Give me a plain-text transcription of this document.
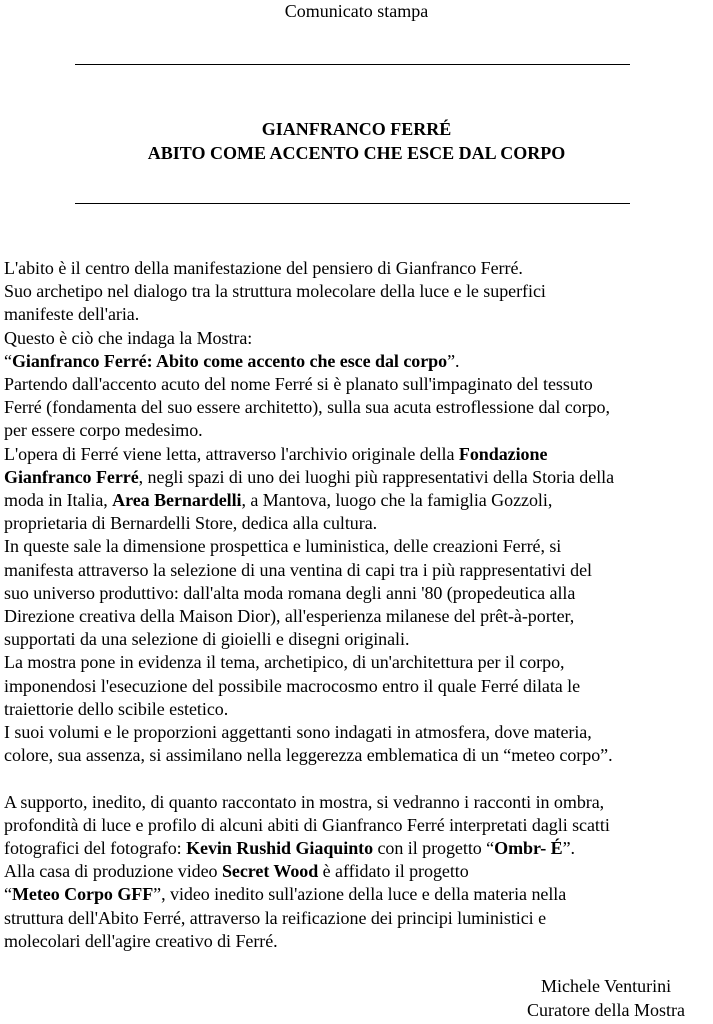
Comunicato stampa
GIANFRANCO FERRÉ
ABITO COME ACCENTO CHE ESCE DAL CORPO
L'abito è il centro della manifestazione del pensiero di Gianfranco Ferré.
Suo archetipo nel dialogo tra la struttura molecolare della luce e le superfici
manifeste dell'aria.
Questo è ciò che indaga la Mostra:
“Gianfranco Ferré: Abito come accento che esce dal corpo”.
Partendo dall'accento acuto del nome Ferré si è planato sull'impaginato del tessuto
Ferré (fondamenta del suo essere architetto), sulla sua acuta estroflessione dal corpo,
per essere corpo medesimo.
L'opera di Ferré viene letta, attraverso l'archivio originale della Fondazione
Gianfranco Ferré, negli spazi di uno dei luoghi più rappresentativi della Storia della
moda in Italia, Area Bernardelli, a Mantova, luogo che la famiglia Gozzoli,
proprietaria di Bernardelli Store, dedica alla cultura.
In queste sale la dimensione prospettica e luministica, delle creazioni Ferré, si
manifesta attraverso la selezione di una ventina di capi tra i più rappresentativi del
suo universo produttivo: dall'alta moda romana degli anni '80 (propedeutica alla
Direzione creativa della Maison Dior), all'esperienza milanese del prêt-à-porter,
supportati da una selezione di gioielli e disegni originali.
La mostra pone in evidenza il tema, archetipico, di un'architettura per il corpo,
imponendosi l'esecuzione del possibile macrocosmo entro il quale Ferré dilata le
traiettorie dello scibile estetico.
I suoi volumi e le proporzioni aggettanti sono indagati in atmosfera, dove materia,
colore, sua assenza, si assimilano nella leggerezza emblematica di un “meteo corpo”.
A supporto, inedito, di quanto raccontato in mostra, si vedranno i racconti in ombra,
profondità di luce e profilo di alcuni abiti di Gianfranco Ferré interpretati dagli scatti
fotografici del fotografo: Kevin Rushid Giaquinto con il progetto “Ombr- É”.
Alla casa di produzione video Secret Wood è affidato il progetto
“Meteo Corpo GFF”, video inedito sull'azione della luce e della materia nella
struttura dell'Abito Ferré, attraverso la reificazione dei principi luministici e
molecolari dell'agire creativo di Ferré.
Michele Venturini
Curatore della Mostra
